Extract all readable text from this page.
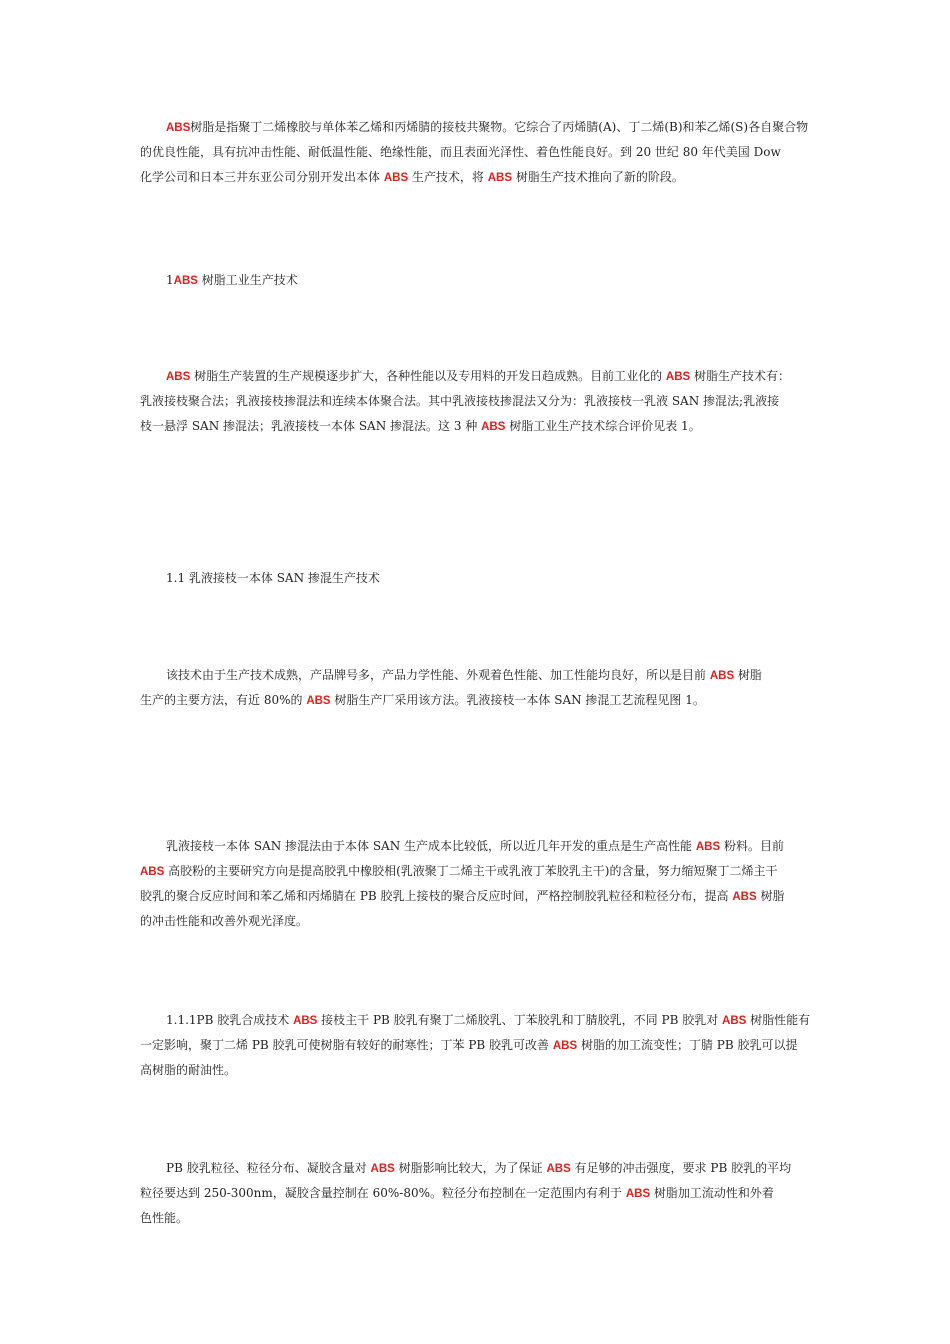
ABS树脂是指聚丁二烯橡胶与单体苯乙烯和丙烯腈的接枝共聚物。它综合了丙烯腈(A)、丁二烯(B)和苯乙烯(S)各自聚合物
的优良性能，具有抗冲击性能、耐低温性能、绝缘性能，而且表面光泽性、着色性能良好。到 20 世纪 80 年代美国 Dow
化学公司和日本三井东亚公司分别开发出本体 ABS 生产技术，将 ABS 树脂生产技术推向了新的阶段。
1ABS 树脂工业生产技术
ABS 树脂生产装置的生产规模逐步扩大，各种性能以及专用料的开发日趋成熟。目前工业化的 ABS 树脂生产技术有：
乳液接枝聚合法；乳液接枝掺混法和连续本体聚合法。其中乳液接枝掺混法又分为：乳液接枝一乳液 SAN 掺混法;乳液接
枝一悬浮 SAN 掺混法；乳液接枝一本体 SAN 掺混法。这 3 种 ABS 树脂工业生产技术综合评价见表 1。
1.1 乳液接枝一本体 SAN 掺混生产技术
该技术由于生产技术成熟，产品牌号多，产品力学性能、外观着色性能、加工性能均良好，所以是目前 ABS 树脂
生产的主要方法，有近 80%的 ABS 树脂生产厂采用该方法。乳液接枝一本体 SAN 掺混工艺流程见图 1。
乳液接枝一本体 SAN 掺混法由于本体 SAN 生产成本比较低，所以近几年开发的重点是生产高性能 ABS 粉料。目前
ABS 高胶粉的主要研究方向是提高胶乳中橡胶相(乳液聚丁二烯主干或乳液丁苯胶乳主干)的含量，努力缩短聚丁二烯主干
胶乳的聚合反应时间和苯乙烯和丙烯腈在 PB 胶乳上接枝的聚合反应时间，严格控制胶乳粒径和粒径分布，提高 ABS 树脂
的冲击性能和改善外观光泽度。
1.1.1PB 胶乳合成技术 ABS 接枝主干 PB 胶乳有聚丁二烯胶乳、丁苯胶乳和丁腈胶乳，不同 PB 胶乳对 ABS 树脂性能有
一定影响，聚丁二烯 PB 胶乳可使树脂有较好的耐寒性；丁苯 PB 胶乳可改善 ABS 树脂的加工流变性；丁腈 PB 胶乳可以提
高树脂的耐油性。
PB 胶乳粒径、粒径分布、凝胶含量对 ABS 树脂影响比较大，为了保证 ABS 有足够的冲击强度，要求 PB 胶乳的平均
粒径要达到 250-300nm，凝胶含量控制在 60%-80%。粒径分布控制在一定范围内有利于 ABS 树脂加工流动性和外着
色性能。
